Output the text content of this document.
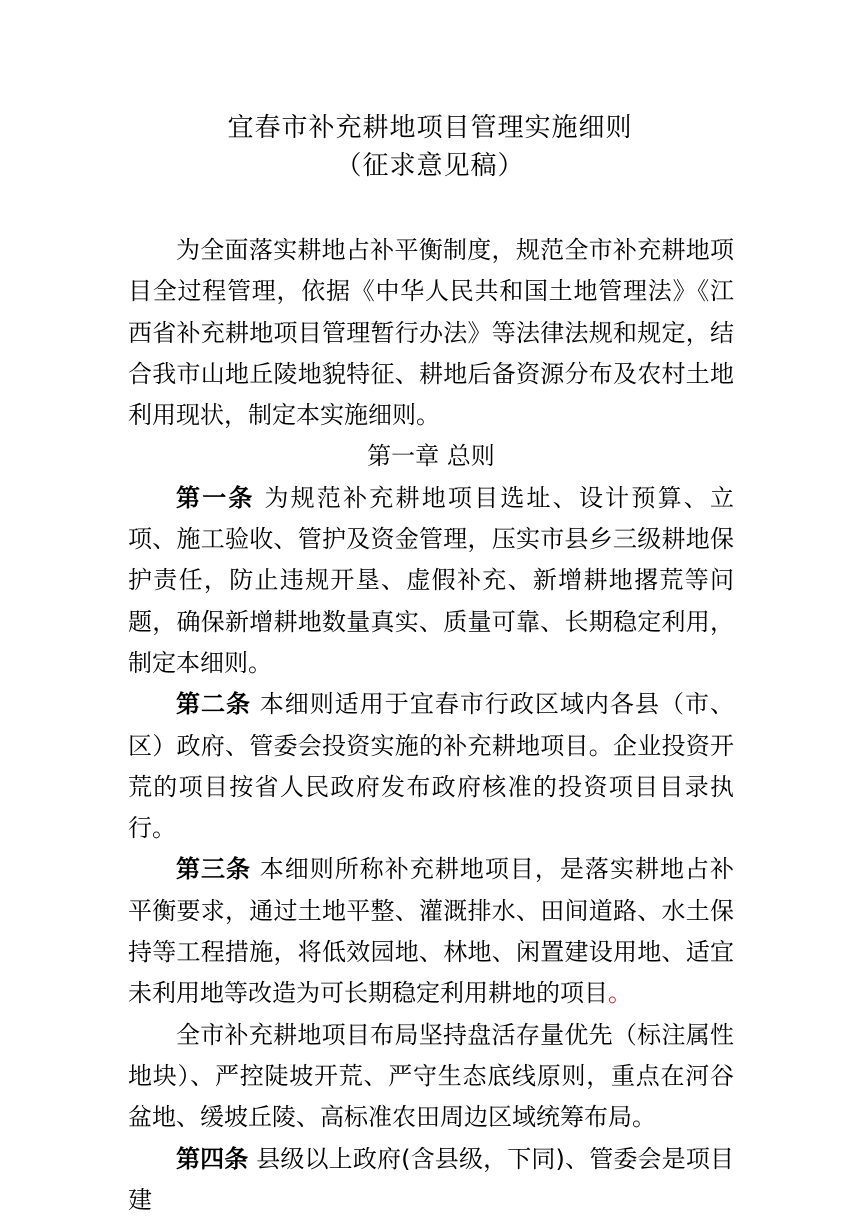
宜春市补充耕地项目管理实施细则
（征求意见稿）

为全面落实耕地占补平衡制度，规范全市补充耕地项目全过程管理，依据《中华人民共和国土地管理法》《江西省补充耕地项目管理暂行办法》等法律法规和规定，结合我市山地丘陵地貌特征、耕地后备资源分布及农村土地利用现状，制定本实施细则。

第一章 总则

第一条 为规范补充耕地项目选址、设计预算、立项、施工验收、管护及资金管理，压实市县乡三级耕地保护责任，防止违规开垦、虚假补充、新增耕地撂荒等问题，确保新增耕地数量真实、质量可靠、长期稳定利用，制定本细则。

第二条 本细则适用于宜春市行政区域内各县（市、区）政府、管委会投资实施的补充耕地项目。企业投资开荒的项目按省人民政府发布政府核准的投资项目目录执行。

第三条 本细则所称补充耕地项目，是落实耕地占补平衡要求，通过土地平整、灌溉排水、田间道路、水土保持等工程措施，将低效园地、林地、闲置建设用地、适宜未利用地等改造为可长期稳定利用耕地的项目。

全市补充耕地项目布局坚持盘活存量优先（标注属性地块）、严控陡坡开荒、严守生态底线原则，重点在河谷盆地、缓坡丘陵、高标准农田周边区域统筹布局。

第四条 县级以上政府(含县级，下同)、管委会是项目建
